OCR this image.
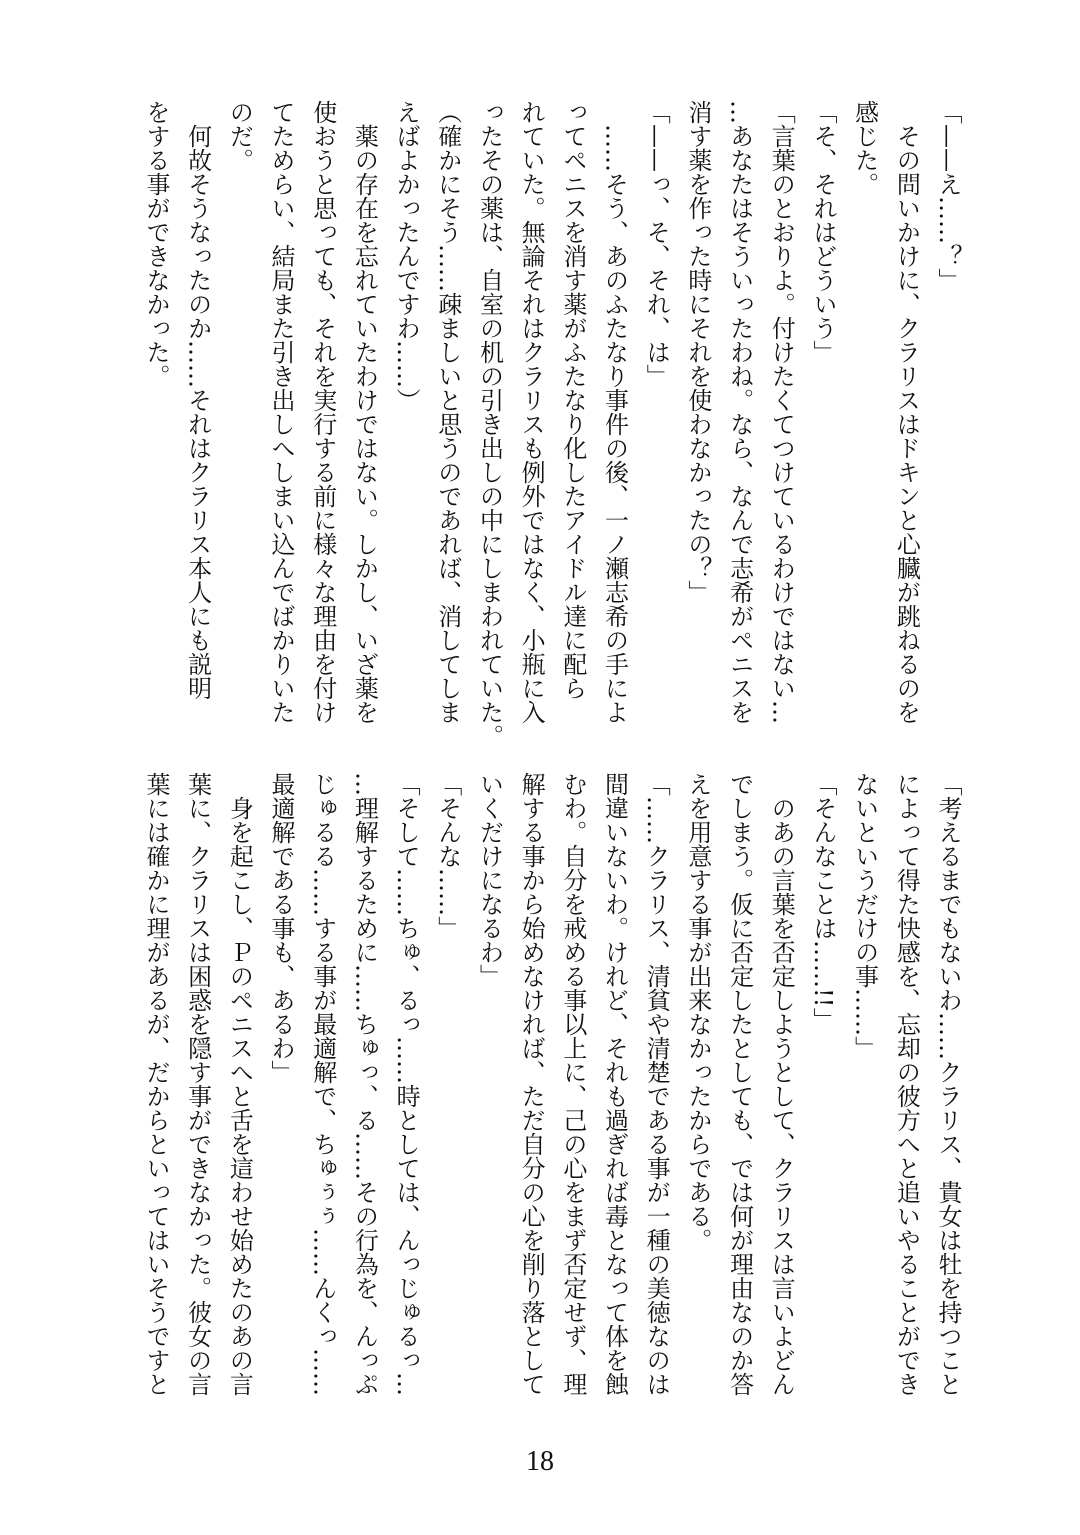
「——え……？」
　その問いかけに、クラリスはドキンと心臓が跳ねるのを
感じた。
「そ、それはどういう」
「言葉のとおりよ。付けたくてつけているわけではない…
…あなたはそういったわね。なら、なんで志希がペニスを
消す薬を作った時にそれを使わなかったの？」
「——っ、そ、それ、は」
　……そう、あのふたなり事件の後、一ノ瀬志希の手によ
ってペニスを消す薬がふたなり化したアイドル達に配ら
れていた。無論それはクラリスも例外ではなく、小瓶に入
ったその薬は、自室の机の引き出しの中にしまわれていた。
（確かにそう……疎ましいと思うのであれば、消してしま
えばよかったんですわ……）
　薬の存在を忘れていたわけではない。しかし、いざ薬を
使おうと思っても、それを実行する前に様々な理由を付け
てためらい、結局また引き出しへしまい込んでばかりいた
のだ。
　何故そうなったのか……それはクラリス本人にも説明
をする事ができなかった。
「考えるまでもないわ……クラリス、貴女は牡を持つこと
によって得た快感を、忘却の彼方へと追いやることができ
ないというだけの事……」
「そんなことは……!!」
　のあの言葉を否定しようとして、クラリスは言いよどん
でしまう。仮に否定したとしても、では何が理由なのか答
えを用意する事が出来なかったからである。
「……クラリス、清貧や清楚である事が一種の美徳なのは
間違いないわ。けれど、それも過ぎれば毒となって体を蝕
むわ。自分を戒める事以上に、己の心をまず否定せず、理
解する事から始めなければ、ただ自分の心を削り落として
いくだけになるわ」
「そんな……」
「そして……ちゅ、るっ……時としては、んっじゅるっ…
…理解するために……ちゅっ、る……その行為を、んっぷ
じゅるる……する事が最適解で、ちゅぅぅ……んくっ……
最適解である事も、あるわ」
　身を起こし、Ｐのペニスへと舌を這わせ始めたのあの言
葉に、クラリスは困惑を隠す事ができなかった。彼女の言
葉には確かに理があるが、だからといってはいそうですと
18
